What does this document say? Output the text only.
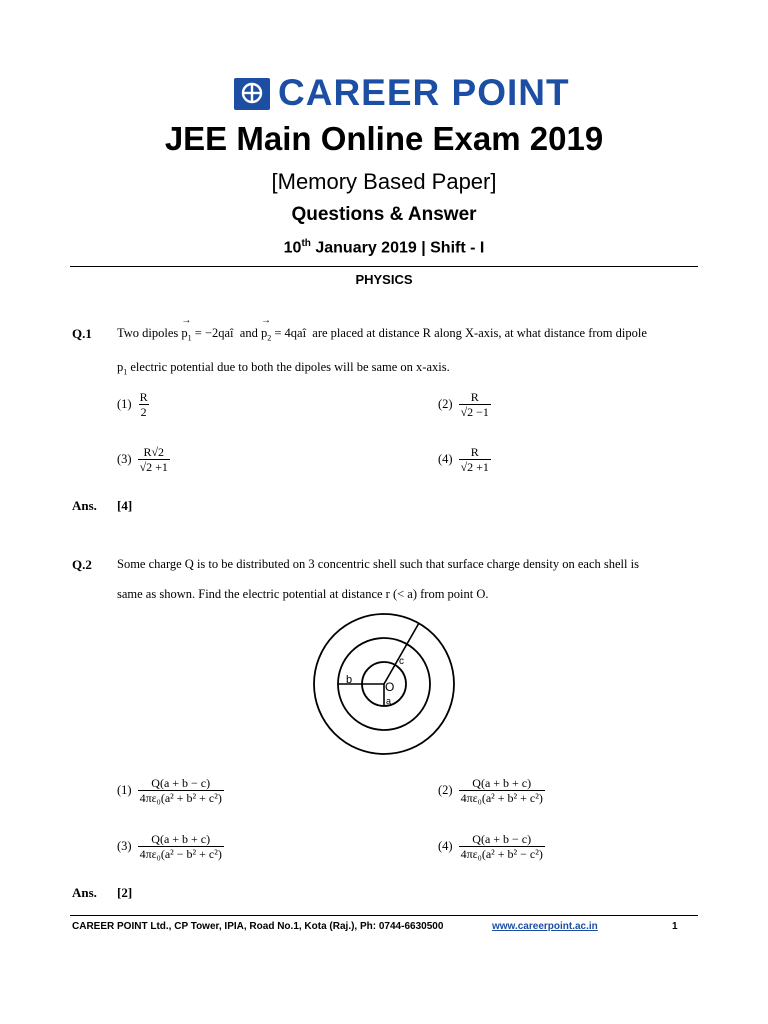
CAREER POINT
JEE Main Online Exam 2019
[Memory Based Paper]
Questions & Answer
10th January 2019 | Shift - I
PHYSICS
Q.1 Two dipoles → $p_1$ = −2qaî and → $p_2$ = 4qaî are placed at distance R along X-axis, at what distance from dipole
$p_1$ electric potential due to both the dipoles will be same on x-axis.
$(1) \frac{R}{2}$	$(2) \frac{R}{√2 -1}$
$(3) \frac{R√2}{√2 +1}$	$(4) \frac{R}{√2 +1}$
Ans. [4]
Q.2 Some charge Q is to be distributed on 3 concentric shell such that surface charge density on each shell is
same as shown. Find the electric potential at distance r (< a) from point O.
c
b	O
a
$(1) \frac{Q(a + b - c)}{\text{4πε₀(a² + b² + c²)}}$	$(2) \frac{Q(a + b + c)}{\text{4πε₀(a² + b² + c²)}}$
$(3) \frac{Q(a + b + c)}{\text{4πε₀(a² − b² + c²)}}$	$(4) \frac{Q(a + b - c)}{\text{4πε₀(a² + b² − c²)}}$
Ans. [2]
CAREER POINT Ltd., CP Tower, IPIA, Road No.1, Kota (Raj.), Ph: 0744-6630500	www.careerpoint.ac.in	1
